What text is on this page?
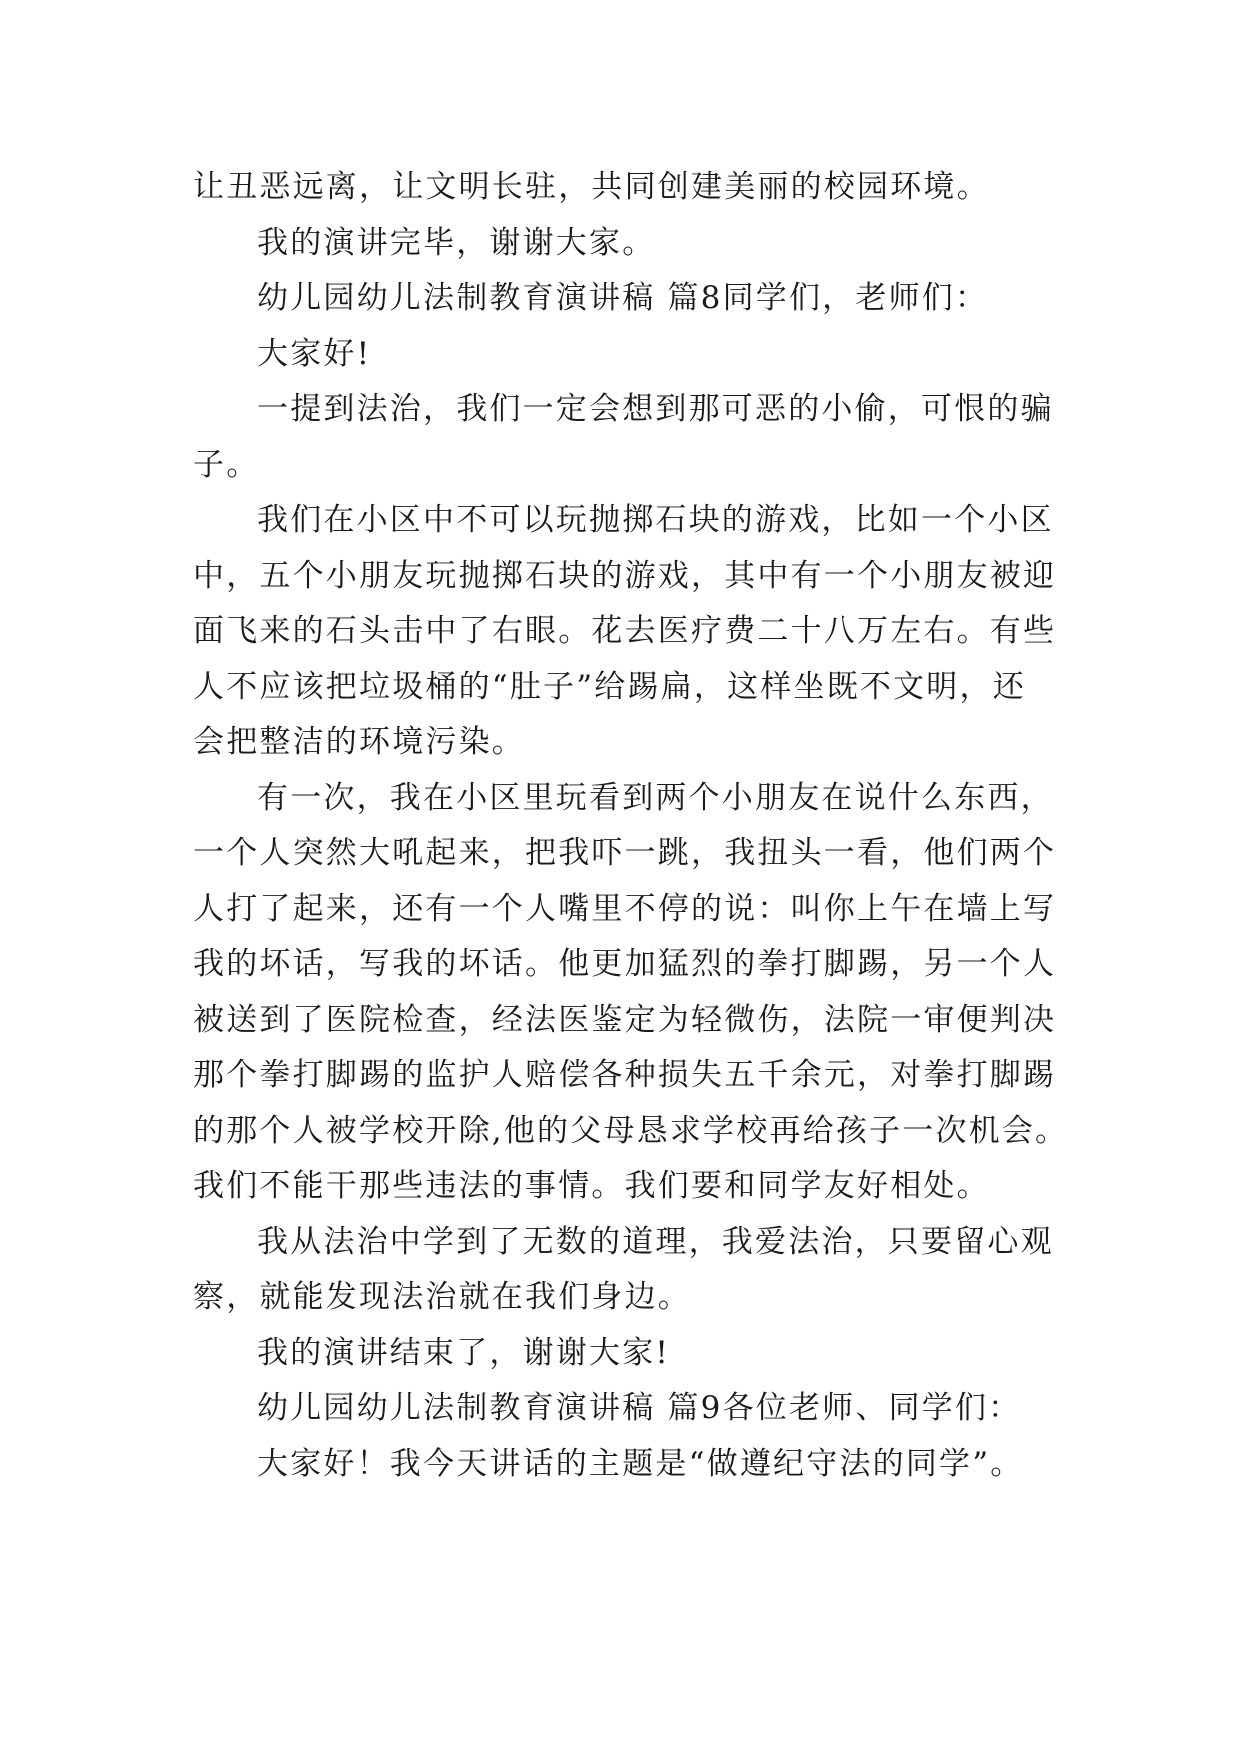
让丑恶远离，让文明长驻，共同创建美丽的校园环境。
我的演讲完毕，谢谢大家。
幼儿园幼儿法制教育演讲稿 篇8同学们，老师们：
大家好!
一提到法治，我们一定会想到那可恶的小偷，可恨的骗
子。
我们在小区中不可以玩抛掷石块的游戏，比如一个小区
中，五个小朋友玩抛掷石块的游戏，其中有一个小朋友被迎
面飞来的石头击中了右眼。花去医疗费二十八万左右。有些
人不应该把垃圾桶的“肚子”给踢扁，这样坐既不文明，还
会把整洁的环境污染。
有一次，我在小区里玩看到两个小朋友在说什么东西，
一个人突然大吼起来，把我吓一跳，我扭头一看，他们两个
人打了起来，还有一个人嘴里不停的说：叫你上午在墙上写
我的坏话，写我的坏话。他更加猛烈的拳打脚踢，另一个人
被送到了医院检查，经法医鉴定为轻微伤，法院一审便判决
那个拳打脚踢的监护人赔偿各种损失五千余元，对拳打脚踢
的那个人被学校开除,他的父母恳求学校再给孩子一次机会。
我们不能干那些违法的事情。我们要和同学友好相处。
我从法治中学到了无数的道理，我爱法治，只要留心观
察，就能发现法治就在我们身边。
我的演讲结束了，谢谢大家!
幼儿园幼儿法制教育演讲稿 篇9各位老师、同学们：
大家好！我今天讲话的主题是“做遵纪守法的同学”。
